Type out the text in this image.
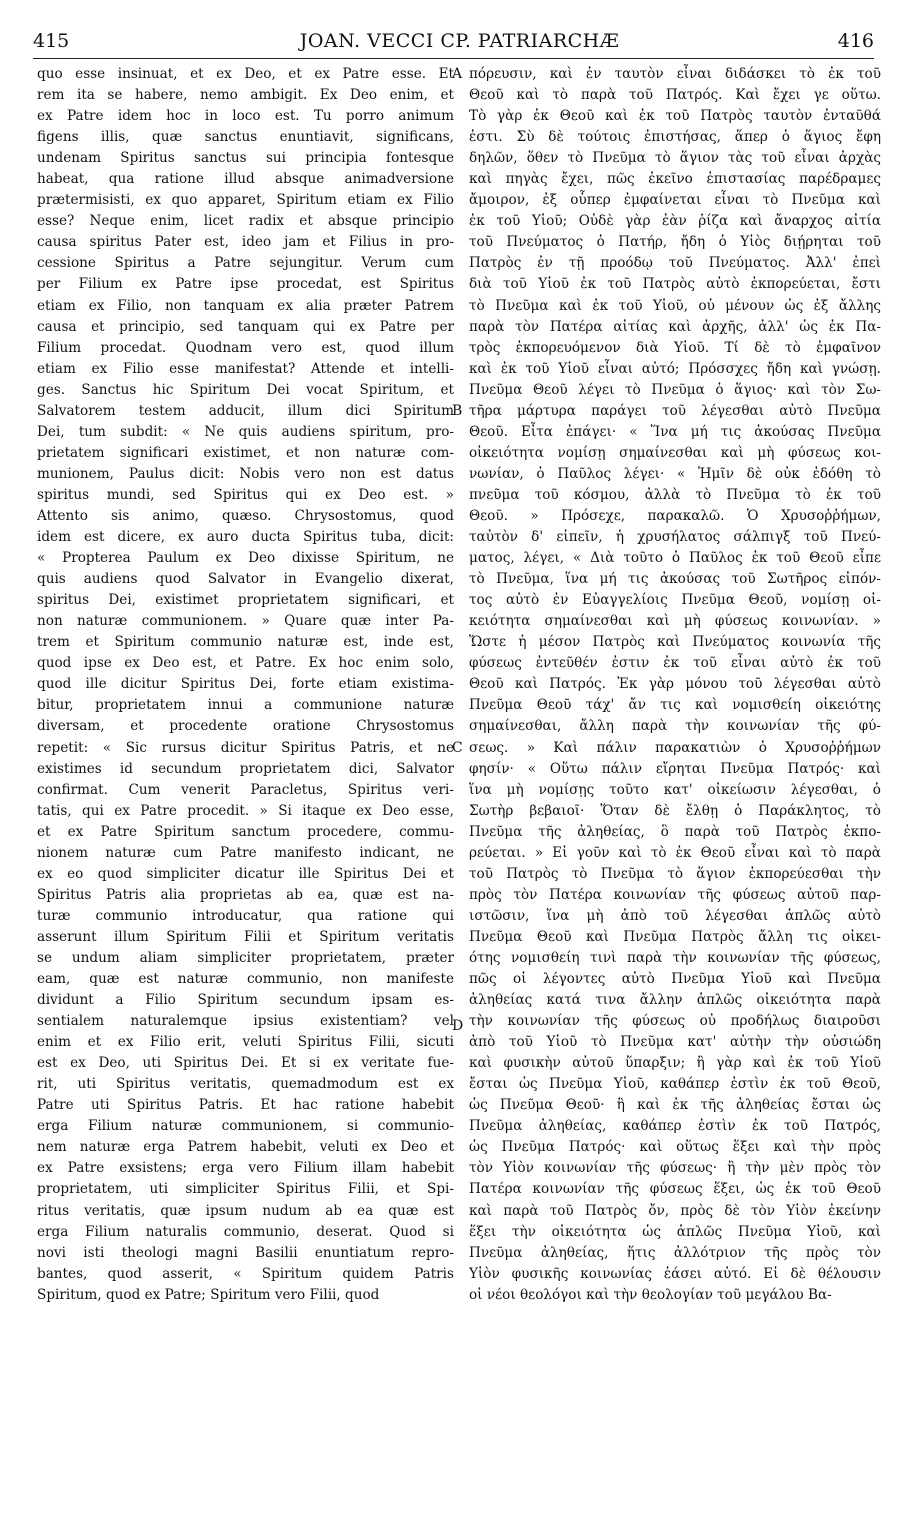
415	JOAN. VECCI CP. PATRIARCHÆ	416
quo esse insinuat, et ex Deo, et ex Patre esse. Et
rem ita se habere, nemo ambigit. Ex Deo enim, et
ex Patre idem hoc in loco est. Tu porro animum
figens illis, quæ sanctus enuntiavit, significans,
undenam Spiritus sanctus sui principia fontesque
habeat, qua ratione illud absque animadversione
prætermisisti, ex quo apparet, Spiritum etiam ex Filio
esse? Neque enim, licet radix et absque principio
causa spiritus Pater est, ideo jam et Filius in pro-
cessione Spiritus a Patre sejungitur. Verum cum
per Filium ex Patre ipse procedat, est Spiritus
etiam ex Filio, non tanquam ex alia præter Patrem
causa et principio, sed tanquam qui ex Patre per
Filium procedat. Quodnam vero est, quod illum
etiam ex Filio esse manifestat? Attende et intelli-
ges. Sanctus hic Spiritum Dei vocat Spiritum, et
Salvatorem testem adducit, illum dici Spiritum
Dei, tum subdit: « Ne quis audiens spiritum, pro-
prietatem significari existimet, et non naturæ com-
munionem, Paulus dicit: Nobis vero non est datus
spiritus mundi, sed Spiritus qui ex Deo est. »
Attento sis animo, quæso. Chrysostomus, quod
idem est dicere, ex auro ducta Spiritus tuba, dicit:
« Propterea Paulum ex Deo dixisse Spiritum, ne
quis audiens quod Salvator in Evangelio dixerat,
spiritus Dei, existimet proprietatem significari, et
non naturæ communionem. » Quare quæ inter Pa-
trem et Spiritum communio naturæ est, inde est,
quod ipse ex Deo est, et Patre. Ex hoc enim solo,
quod ille dicitur Spiritus Dei, forte etiam existima-
bitur, proprietatem innui a communione naturæ
diversam, et procedente oratione Chrysostomus
repetit: « Sic rursus dicitur Spiritus Patris, et ne
existimes id secundum proprietatem dici, Salvator
confirmat. Cum venerit Paracletus, Spiritus veri-
tatis, qui ex Patre procedit. » Si itaque ex Deo esse,
et ex Patre Spiritum sanctum procedere, commu-
nionem naturæ cum Patre manifesto indicant, ne
ex eo quod simpliciter dicatur ille Spiritus Dei et
Spiritus Patris alia proprietas ab ea, quæ est na-
turæ communio introducatur, qua ratione qui
asserunt illum Spiritum Filii et Spiritum veritatis
se undum aliam simpliciter proprietatem, præter
eam, quæ est naturæ communio, non manifeste
dividunt a Filio Spiritum secundum ipsam es-
sentialem naturalemque ipsius existentiam? vel
enim et ex Filio erit, veluti Spiritus Filii, sicuti
est ex Deo, uti Spiritus Dei. Et si ex veritate fue-
rit, uti Spiritus veritatis, quemadmodum est ex
Patre uti Spiritus Patris. Et hac ratione habebit
erga Filium naturæ communionem, si communio-
nem naturæ erga Patrem habebit, veluti ex Deo et
ex Patre exsistens; erga vero Filium illam habebit
proprietatem, uti simpliciter Spiritus Filii, et Spi-
ritus veritatis, quæ ipsum nudum ab ea quæ est
erga Filium naturalis communio, deserat. Quod si
novi isti theologi magni Basilii enuntiatum repro-
bantes, quod asserit, « Spiritum quidem Patris
Spiritum, quod ex Patre; Spiritum vero Filii, quod
πόρευσιν, καὶ ἐν ταυτὸν εἶναι διδάσκει τὸ ἐκ τοῦ
Θεοῦ καὶ τὸ παρὰ τοῦ Πατρός. Καὶ ἔχει γε οὕτω.
Τὸ γὰρ ἐκ Θεοῦ καὶ ἐκ τοῦ Πατρὸς ταυτὸν ἐνταῦθά
ἐστι. Σὺ δὲ τούτοις ἐπιστήσας, ἅπερ ὁ ἅγιος ἔφη
δηλῶν, ὅθεν τὸ Πνεῦμα τὸ ἅγιον τὰς τοῦ εἶναι ἀρχὰς
καὶ πηγὰς ἔχει, πῶς ἐκεῖνο ἐπιστασίας παρέδραμες
ἄμοιρον, ἐξ οὗπερ ἐμφαίνεται εἶναι τὸ Πνεῦμα καὶ
ἐκ τοῦ Υἱοῦ; Οὐδὲ γὰρ ἐὰν ῥίζα καὶ ἄναρχος αἰτία
τοῦ Πνεύματος ὁ Πατήρ, ἤδη ὁ Υἱὸς διῄρηται τοῦ
Πατρὸς ἐν τῇ προόδῳ τοῦ Πνεύματος. Ἀλλ' ἐπεὶ
διὰ τοῦ Υἱοῦ ἐκ τοῦ Πατρὸς αὐτὸ ἐκπορεύεται, ἔστι
τὸ Πνεῦμα καὶ ἐκ τοῦ Υἱοῦ, οὐ μένουν ὡς ἐξ ἄλλης
παρὰ τὸν Πατέρα αἰτίας καὶ ἀρχῆς, ἀλλ' ὡς ἐκ Πα-
τρὸς ἐκπορευόμενον διὰ Υἱοῦ. Τί δὲ τὸ ἐμφαῖνον
καὶ ἐκ τοῦ Υἱοῦ εἶναι αὐτό; Πρόσσχες ἤδη καὶ γνώσῃ.
Πνεῦμα Θεοῦ λέγει τὸ Πνεῦμα ὁ ἅγιος· καὶ τὸν Σω-
τῆρα μάρτυρα παράγει τοῦ λέγεσθαι αὐτὸ Πνεῦμα
Θεοῦ. Εἶτα ἐπάγει· « Ἵνα μή τις ἀκούσας Πνεῦμα
οἰκειότητα νομίσῃ σημαίνεσθαι καὶ μὴ φύσεως κοι-
νωνίαν, ὁ Παῦλος λέγει· « Ἡμῖν δὲ οὐκ ἐδόθη τὸ
πνεῦμα τοῦ κόσμου, ἀλλὰ τὸ Πνεῦμα τὸ ἐκ τοῦ
Θεοῦ. » Πρόσεχε, παρακαλῶ. Ὁ Χρυσοῤῥήμων,
ταὐτὸν δ' εἰπεῖν, ἡ χρυσήλατος σάλπιγξ τοῦ Πνεύ-
ματος, λέγει, « Διὰ τοῦτο ὁ Παῦλος ἐκ τοῦ Θεοῦ εἶπε
τὸ Πνεῦμα, ἵνα μή τις ἀκούσας τοῦ Σωτῆρος εἰπόν-
τος αὐτὸ ἐν Εὐαγγελίοις Πνεῦμα Θεοῦ, νομίσῃ οἰ-
κειότητα σημαίνεσθαι καὶ μὴ φύσεως κοινωνίαν. »
Ὥστε ἡ μέσον Πατρὸς καὶ Πνεύματος κοινωνία τῆς
φύσεως ἐντεῦθέν ἐστιν ἐκ τοῦ εἶναι αὐτὸ ἐκ τοῦ
Θεοῦ καὶ Πατρός. Ἐκ γὰρ μόνου τοῦ λέγεσθαι αὐτὸ
Πνεῦμα Θεοῦ τάχ' ἄν τις καὶ νομισθείη οἰκειότης
σημαίνεσθαι, ἄλλη παρὰ τὴν κοινωνίαν τῆς φύ-
σεως. » Καὶ πάλιν παρακατιὼν ὁ Χρυσοῤῥήμων
φησίν· « Οὕτω πάλιν εἴρηται Πνεῦμα Πατρός· καὶ
ἵνα μὴ νομίσῃς τοῦτο κατ' οἰκείωσιν λέγεσθαι, ὁ
Σωτὴρ βεβαιοῖ· Ὅταν δὲ ἔλθῃ ὁ Παράκλητος, τὸ
Πνεῦμα τῆς ἀληθείας, ὃ παρὰ τοῦ Πατρὸς ἐκπο-
ρεύεται. » Εἰ γοῦν καὶ τὸ ἐκ Θεοῦ εἶναι καὶ τὸ παρὰ
τοῦ Πατρὸς τὸ Πνεῦμα τὸ ἅγιον ἐκπορεύεσθαι τὴν
πρὸς τὸν Πατέρα κοινωνίαν τῆς φύσεως αὐτοῦ παρ-
ιστῶσιν, ἵνα μὴ ἀπὸ τοῦ λέγεσθαι ἁπλῶς αὐτὸ
Πνεῦμα Θεοῦ καὶ Πνεῦμα Πατρὸς ἄλλη τις οἰκει-
ότης νομισθείη τινὶ παρὰ τὴν κοινωνίαν τῆς φύσεως,
πῶς οἱ λέγοντες αὐτὸ Πνεῦμα Υἱοῦ καὶ Πνεῦμα
ἀληθείας κατά τινα ἄλλην ἁπλῶς οἰκειότητα παρὰ
τὴν κοινωνίαν τῆς φύσεως οὐ προδήλως διαιροῦσι
ἀπὸ τοῦ Υἱοῦ τὸ Πνεῦμα κατ' αὐτὴν τὴν οὐσιώδη
καὶ φυσικὴν αὐτοῦ ὕπαρξιν; ἢ γὰρ καὶ ἐκ τοῦ Υἱοῦ
ἔσται ὡς Πνεῦμα Υἱοῦ, καθάπερ ἐστὶν ἐκ τοῦ Θεοῦ,
ὡς Πνεῦμα Θεοῦ· ἢ καὶ ἐκ τῆς ἀληθείας ἔσται ὡς
Πνεῦμα ἀληθείας, καθάπερ ἐστὶν ἐκ τοῦ Πατρός,
ὡς Πνεῦμα Πατρός· καὶ οὕτως ἕξει καὶ τὴν πρὸς
τὸν Υἱὸν κοινωνίαν τῆς φύσεως· ἢ τὴν μὲν πρὸς τὸν
Πατέρα κοινωνίαν τῆς φύσεως ἕξει, ὡς ἐκ τοῦ Θεοῦ
καὶ παρὰ τοῦ Πατρὸς ὄν, πρὸς δὲ τὸν Υἱὸν ἐκείνην
ἕξει τὴν οἰκειότητα ὡς ἁπλῶς Πνεῦμα Υἱοῦ, καὶ
Πνεῦμα ἀληθείας, ἥτις ἀλλότριον τῆς πρὸς τὸν
Υἱὸν φυσικῆς κοινωνίας ἐάσει αὐτό. Εἰ δὲ θέλουσιν
οἱ νέοι θεολόγοι καὶ τὴν θεολογίαν τοῦ μεγάλου Βα-
A
B
C
D
